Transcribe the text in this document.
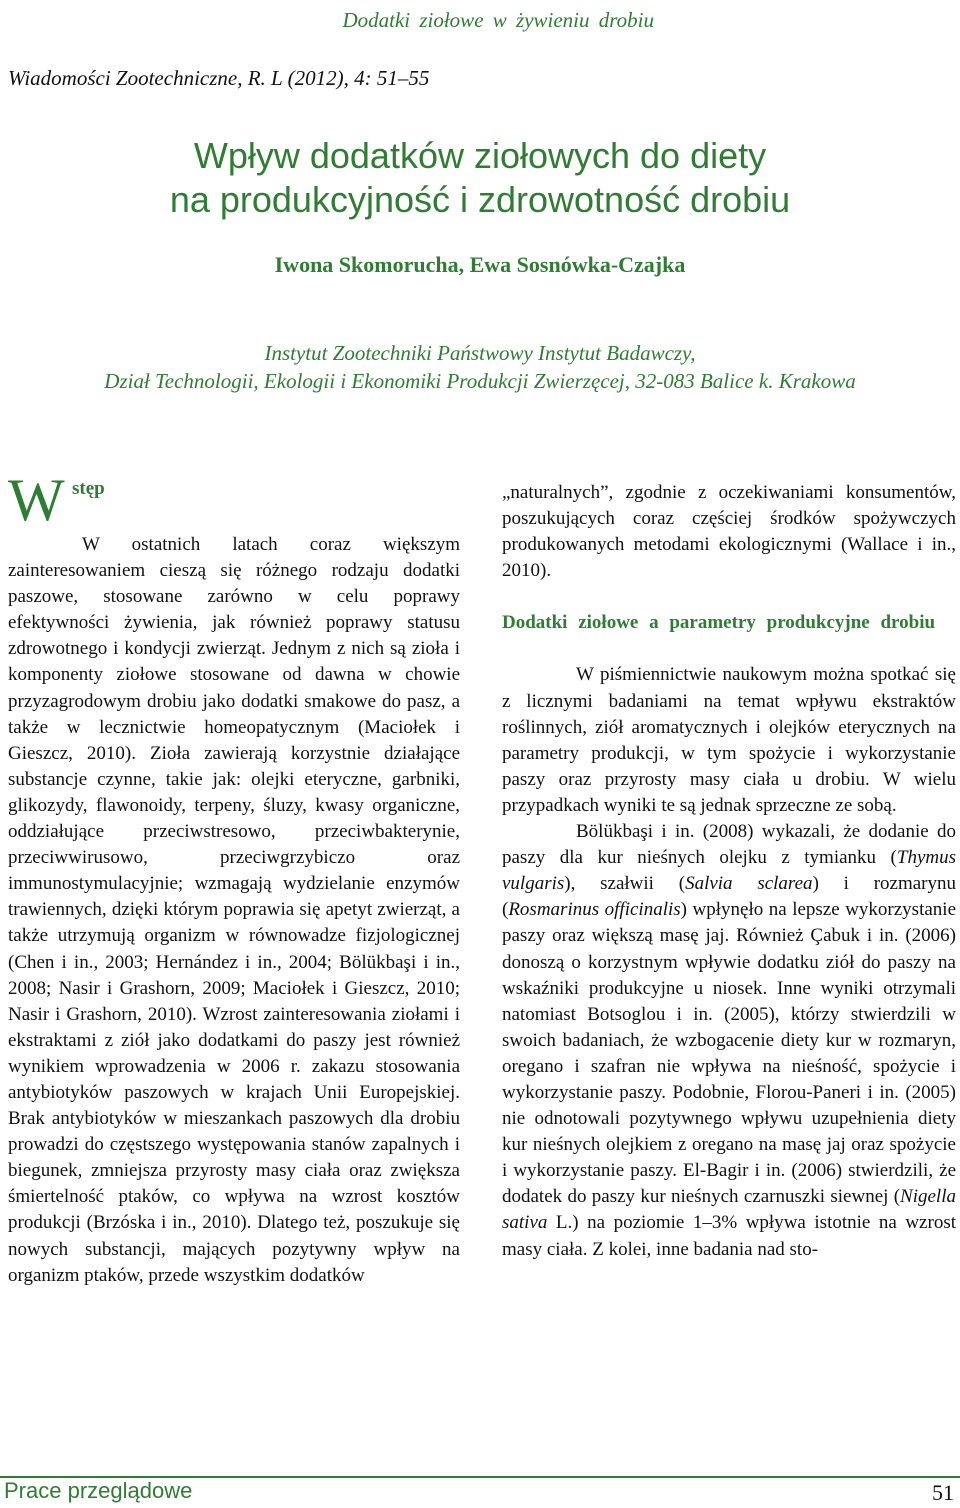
Dodatki ziołowe w żywieniu drobiu
Wiadomości Zootechniczne, R. L (2012), 4: 51–55
Wpływ dodatków ziołowych do diety
na produkcyjność i zdrowotność drobiu
Iwona Skomorucha, Ewa Sosnówka-Czajka
Instytut Zootechniki Państwowy Instytut Badawczy,
Dział Technologii, Ekologii i Ekonomiki Produkcji Zwierzęcej, 32-083 Balice k. Krakowa
W stęp

W ostatnich latach coraz większym zainteresowaniem cieszą się różnego rodzaju dodatki paszowe, stosowane zarówno w celu poprawy efektywności żywienia, jak również poprawy statusu zdrowotnego i kondycji zwierząt. Jednym z nich są zioła i komponenty ziołowe stosowane od dawna w chowie przyzagrodowym drobiu jako dodatki smakowe do pasz, a także w lecznictwie homeopatycznym (Maciołek i Gieszcz, 2010). Zioła zawierają korzystnie działające substancje czynne, takie jak: olejki eteryczne, garbniki, glikozydy, flawonoidy, terpeny, śluzy, kwasy organiczne, oddziałujące przeciwstresowo, przeciwbakterynie, przeciwwirusowo, przeciwgrzybiczo oraz immunostymulacyjnie; wzmagają wydzielanie enzymów trawiennych, dzięki którym poprawia się apetyt zwierząt, a także utrzymują organizm w równowadze fizjologicznej (Chen i in., 2003; Hernández i in., 2004; Bölükbaşi i in., 2008; Nasir i Grashorn, 2009; Maciołek i Gieszcz, 2010; Nasir i Grashorn, 2010). Wzrost zainteresowania ziołami i ekstraktami z ziół jako dodatkami do paszy jest również wynikiem wprowadzenia w 2006 r. zakazu stosowania antybiotyków paszowych w krajach Unii Europejskiej. Brak antybiotyków w mieszankach paszowych dla drobiu prowadzi do częstszego występowania stanów zapalnych i biegunek, zmniejsza przyrosty masy ciała oraz zwiększa śmiertelność ptaków, co wpływa na wzrost kosztów produkcji (Brzóska i in., 2010). Dlatego też, poszukuje się nowych substancji, mających pozytywny wpływ na organizm ptaków, przede wszystkim dodatków

„naturalnych”, zgodnie z oczekiwaniami konsumentów, poszukujących coraz częściej środków spożywczych produkowanych metodami ekologicznymi (Wallace i in., 2010).

Dodatki ziołowe a parametry produkcyjne drobiu

W piśmiennictwie naukowym można spotkać się z licznymi badaniami na temat wpływu ekstraktów roślinnych, ziół aromatycznych i olejków eterycznych na parametry produkcji, w tym spożycie i wykorzystanie paszy oraz przyrosty masy ciała u drobiu. W wielu przypadkach wyniki te są jednak sprzeczne ze sobą.

Bölükbaşi i in. (2008) wykazali, że dodanie do paszy dla kur nieśnych olejku z tymianku (Thymus vulgaris), szałwii (Salvia sclarea) i rozmarynu (Rosmarinus officinalis) wpłynęło na lepsze wykorzystanie paszy oraz większą masę jaj. Również Çabuk i in. (2006) donoszą o korzystnym wpływie dodatku ziół do paszy na wskaźniki produkcyjne u niosek. Inne wyniki otrzymali natomiast Botsoglou i in. (2005), którzy stwierdzili w swoich badaniach, że wzbogacenie diety kur w rozmaryn, oregano i szafran nie wpływa na nieśność, spożycie i wykorzystanie paszy. Podobnie, Florou-Paneri i in. (2005) nie odnotowali pozytywnego wpływu uzupełnienia diety kur nieśnych olejkiem z oregano na masę jaj oraz spożycie i wykorzystanie paszy. El-Bagir i in. (2006) stwierdzili, że dodatek do paszy kur nieśnych czarnuszki siewnej (Nigella sativa L.) na poziomie 1–3% wpływa istotnie na wzrost masy ciała. Z kolei, inne badania nad sto-

Prace przeglądowe	51
